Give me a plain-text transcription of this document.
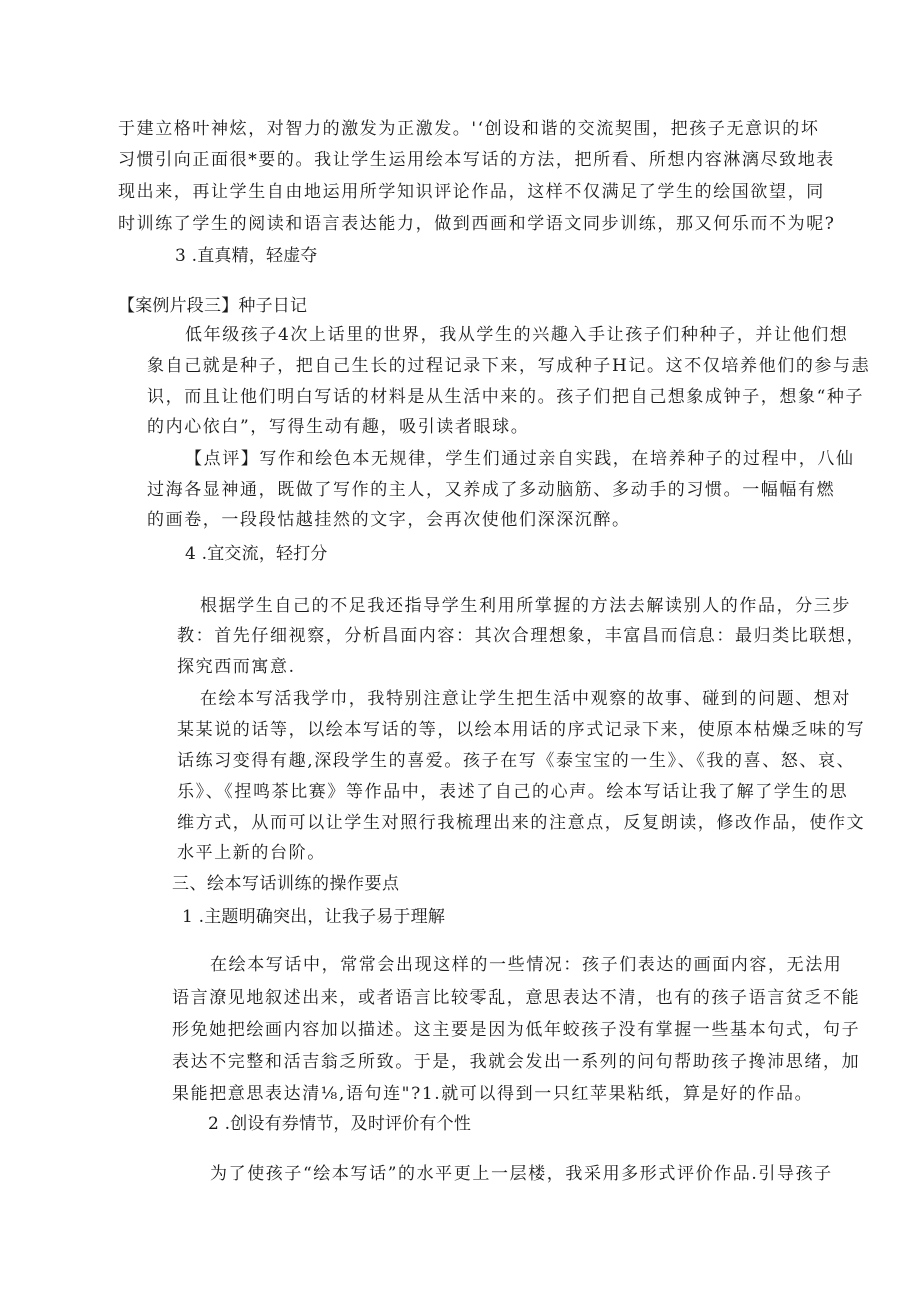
于建立格叶神炫，对智力的激发为正激发。'‘创设和谐的交流契围，把孩子无意识的坏

习惯引向正面很*要的。我让学生运用绘本写话的方法，把所看、所想内容淋漓尽致地表

现出来，再让学生自由地运用所学知识评论作品，这样不仅满足了学生的绘国欲望，同

时训练了学生的阅读和语言表达能力，做到西画和学语文同步训练，那又何乐而不为呢?

3 .直真精，轻虚夺

【案例片段三】种子日记

低年级孩子4次上话里的世界，我从学生的兴趣入手让孩子们种种子，并让他们想

象自己就是种子，把自己生长的过程记录下来，写成种子H记。这不仅培养他们的参与恚

识，而且让他们明白写话的材料是从生活中来的。孩子们把自己想象成钟子，想象“种子

的内心依白”，写得生动有趣，吸引读者眼球。

【点评】写作和绘色本无规律，学生们通过亲自实践，在培养种子的过程中，八仙

过海各显神通，既做了写作的主人，又养成了多动脑筋、多动手的习惯。一幅幅有燃

的画卷，一段段怙越挂然的文字，会再次使他们深深沉醉。

4 .宜交流，轻打分

根据学生自己的不足我还指导学生利用所掌握的方法去解读别人的作品，分三步

教：首先仔细视察，分析昌面内容：其次合理想象，丰富昌而信息：最归类比联想，

探究西而寓意.

在绘本写活我学巾，我特别注意让学生把生活中观察的故事、碰到的问题、想对

某某说的话等，以绘本写话的等，以绘本用话的序式记录下来，使原本枯燥乏味的写

话练习变得有趣,深段学生的喜爱。孩子在写《泰宝宝的一生》、《我的喜、怒、哀、

乐》、《捏鸣茶比赛》等作品中，表述了自己的心声。绘本写话让我了解了学生的思

维方式，从而可以让学生对照行我梳理出来的注意点，反复朗读，修改作品，使作文

水平上新的台阶。

三、绘本写话训练的操作要点

1 .主题明确突出，让我子易于理解

在绘本写话中，常常会出现这样的一些情况：孩子们表达的画面内容，无法用

语言潦见地叙述出来，或者语言比较零乱，意思表达不清，也有的孩子语言贫乏不能

形免她把绘画内容加以描述。这主要是因为低年蛟孩子没有掌握一些基本句式，句子

表达不完整和活吉翁乏所致。于是，我就会发出一系列的问句帮助孩子搀沛思绪，加

果能把意思表达清⅛,语句连"?1.就可以得到一只红苹果粘纸，算是好的作品。

2 .创设有券情节，及时评价有个性

为了使孩子“绘本写话”的水平更上一层楼，我采用多形式评价作品.引导孩子
